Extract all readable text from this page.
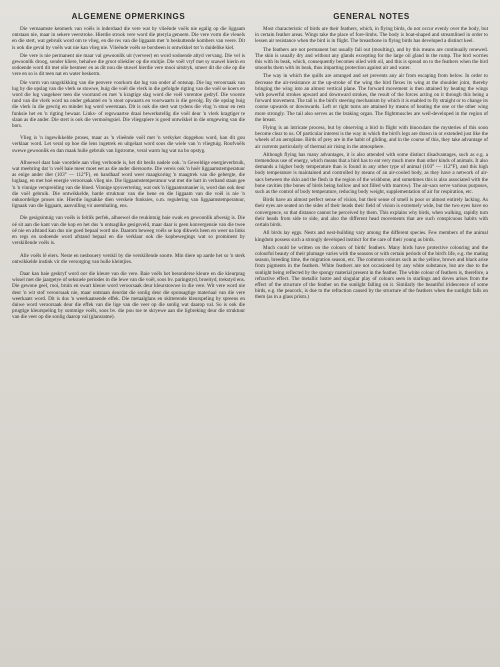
ALGEMENE OPMERKINGS

Die vernaamste kenmerk van voëls is inderdaad die vere wat by vlieënde voëls nie egalig op die liggaam ontstaan nie, maar in sekere veerstroke. Hierdie strook vere word die pteryla genoem. Die vere vorm die vleuels en die stert, wat gebruik word om te vlieg, en die res van die liggaam met 'n beskuttende kombers van veere. Dit is ook die geval by voëls wat nie kan vlieg nie. Vlieënde voëls se borsbeen is ontwikkel tot 'n duidelike kiel.

Die vere is nie permanent nie maar val gewoonlik uit (verveer) en word sodoende altyd vervang. Die vel is gewoonlik droog, sonder kliere, behalwe die groot olieklier op die stuitjie. Die voël vryf met sy snawel hierin en sodoende word dit met olie besmeer en as dit nou die stuwel hierdie vere mooi uitstryk, smeer dit die olie op die vere en so is dit teen nat en water beskerm.

Die vorm van rangskikking van die penvere voorkom dat lug van onder af ontsnap. Die lug veroorsaak van lug by die opslag van die vlerk se stowwe, buig die voël die vlerk in die gefolgde rigting van die voël se koers en word die lug vasgekeer teen die voorrand en met 'n kragtige slag word die voël vorentoe gedryf. Die voorste rand van die vlerk word na onder gekantel en 'n stoot opwaarts en voorwaarts is die gevolg. By die opslag buig die vlerk in die gewrig en minder lug word weerstaan. Dit is ook die stert wat tydens die vlug 'n stuur en rem funksie het en 'n rigting bewaar. Links- of regswaartse draai bewerkstellig die voël deur 'n vlerk kragtiger te slaan as die ander. Die stert is ook die vermoëngsiel. Die vliegspiere is goed ontwikkel in die omgewing van die bors.

Vlieg is 'n ingewikkelde proses, maar as 'n vlieënde voël met 'n verkyker dopgehou word, kan dit gou verklaar word. Let veral op hoe die lens ingetrek en uitgelaat word soos die wiele van 'n vliegtuig. Roofvoëls swewe gewoonlik en dan maak hulle gebruik van ligstrome, veral warm lug wat na bo opstyg.

Alhoewel daar baie voordele aan vlieg verbonde is, het dit beslis nadele ook. 'n Geweldige energieverbruik, wat meebring dat 'n voël baie meer moet eet as die ander diersoorte. Die vereis ook 'n hoër liggaamstemperatuur as enige ander dier (103° — 112°F), en handhaaf word weer maagkoring 'n maagtrek van die gebergte, die luglaag, en met hoë energie veroorsaak vlieg nie. Die liggaamstemperatuur wat met die hart in verband staan gee 'n 'n vinnige verspreiding van die bloed. Vinnige spysvertering, wat ook 'n liggaamsmanier is, word dan ook deur die voël gebruik. Die ontwikkelde, harde struktuur van die bene en die liggaam van die voël is nie 'n onkoordelige proses nie. Hierdie lugsakke dien verskeie funksies, o.m. regulering van liggaamstemperatuur, lignaak van die liggaam, aanvulling vir asemhaling, ens.

Die gesigsintuig van voëls is feitlik perfek, alhoewel die reukintuig baie swak en gewoonlik afwesig is. Die oë sit aan die kant van die kop en het dus 'n ontsaglike gesigsveld, maar daar is geen konvergensie van die twee oë nie en afstand kan dus nie goed bepaal word nie. Daarom beweeg voëls se kop dikwels heen en weer na links en regs en sodoende word afstand bepaal en die verklaar ook die kopbewegings wat so prominent by verskillende voëls is.

Alle voëls lê eiers. Neste en nesbouery verskil by die verskillende soorte. Min diere op aarde het so 'n sterk ontwikkelde instink vir die versorging van hulle kleintjies.

Daar kan baie geskryf word oor die kleure van die vere. Baie voëls het besonderse kleure en die kleurprag wissel met die jaargetye of seksuele periodes in die lewe van die voël, soos bv. paringstyd, broeityd, trekstyd ens. Die gewone geel, rooi, bruin en swart kleure word veroorsaak deur kleurstowwe in die vere. Wit vere word nie deur 'n wit stof veroorsaak nie, maar ontstaan deurdat die sonlig deur die sponsagtige materiaal van die vere weerkaats word. Dit is dus 'n weerkaatsende effek. Die metaalglans en skitterende kleurspeling by spreeus en duiwe word veroorsaak deur die effek van die lige van die veer op die sonlig wat daarop val. So is ook die prugtige kleurspeling by sommige voëls, soos bv. die pou toe te skryewe aan die ligbreking deur die struktuur van die veer op die sonlig daarop val (glansrame).

GENERAL NOTES

Most characteristic of birds are their feathers, which, in flying birds, do not occur evenly over the body, but in certain feather areas. Wings take the place of fore-limbs. The body is boat-shaped and streamlined in order to lessen air resistance when the bird is in flight. The breastbone in flying birds has developed a distinct keel.

The feathers are not permanent but usually fall out (moulting), and by this means are continually renewed. The skin is usually dry and without any glands excepting for the large oil gland in the rump. The bird worries this with its beak, which, consequently becomes oiled with oil, and this is spread on to the feathers when the bird smooths them with its beak, thus imparting protection against air and water.

The way in which the quills are arranged and set prevents any air from escaping from below. In order to decrease the air-resistance at the up-stroke of the wing the bird flexes its wing at the shoulder joint, thereby bringing the wing into an almost vertical plane. The forward movement is then attained by beating the wings with powerful strokes upward and downward strokes, the result of the forces acting on it through this being a forward movement. The tail is the bird's steering mechanism by which it is enabled to fly straight or to change its course upwards or downwards. Left or right turns are attained by means of beating the one or the other wing more strongly. The tail also serves as the braking organ. The flightmuscles are well-developed in the region of the breast.

Flying is an intricate process, but by observing a bird in flight with binoculars the mysteries of this soon become clear to us. Of particular interest is the way in which the bird's legs are drawn in or extended just like the wheels of an aeroplane. Birds of prey are in the habit of gliding, and in the course of this, they take advantage of air currents particularly of thermal air rising in the atmosphere.

Although flying has many advantages, it is also attended with some distinct disadvantages, such as e.g. a tremendous use of energy, which means that a bird has to eat very much more than other kinds of animals. It also demands a higher body temperature than is found in any other type of animal (103° — 112°F), and this high body temperature is maintained and controlled by means of an air-cooled body, as they have a network of air-sacs between the skin and the flesh in the region of the wishbone, and sometimes this is also associated with the bone cavities (the bones of birds being hollow and not filled with marrow). The air-sacs serve various purposes, such as the control of body temperature, reducing body weight, supplementation of air for respiration, etc.

Birds have an almost perfect sense of vision, but their sense of smell is poor or almost entirely lacking. As their eyes are seated on the sides of their heads their field of vision is extremely wide, but the two eyes have no convergence, so that distance cannot be perceived by them. This explains why birds, when walking, rapidly turn their heads from side to side, and also the different head movements that are such conspicuous habits with certain birds.

All birds lay eggs. Nests and nest-building vary among the different species. Few members of the animal kingdom possess such a strongly developed instinct for the care of their young as birds.

Much could be written on the colours of birds' feathers. Many birds have protective colouring and the colourful beauty of their plumage varies with the seasons or with certain periods of the bird's life, e.g. the mating season, breeding time, the migration season, etc. The common colours such as the yellow, brown and black arise from pigments in the feathers. White feathers are not occasioned by any white substance, but are due to the sunlight being reflected by the spongy material present in the feather. The white colour of feathers is, therefore, a refractive effect. The metallic lustre and singular play of colours seen in starlings and doves arises from the effect of the structure of the feather on the sunlight falling on it. Similarly the beautiful iridescence of some birds, e.g. the peacock, is due to the refraction caused by the structure of the feathers when the sunlight falls on them (as in a glass prism.)
